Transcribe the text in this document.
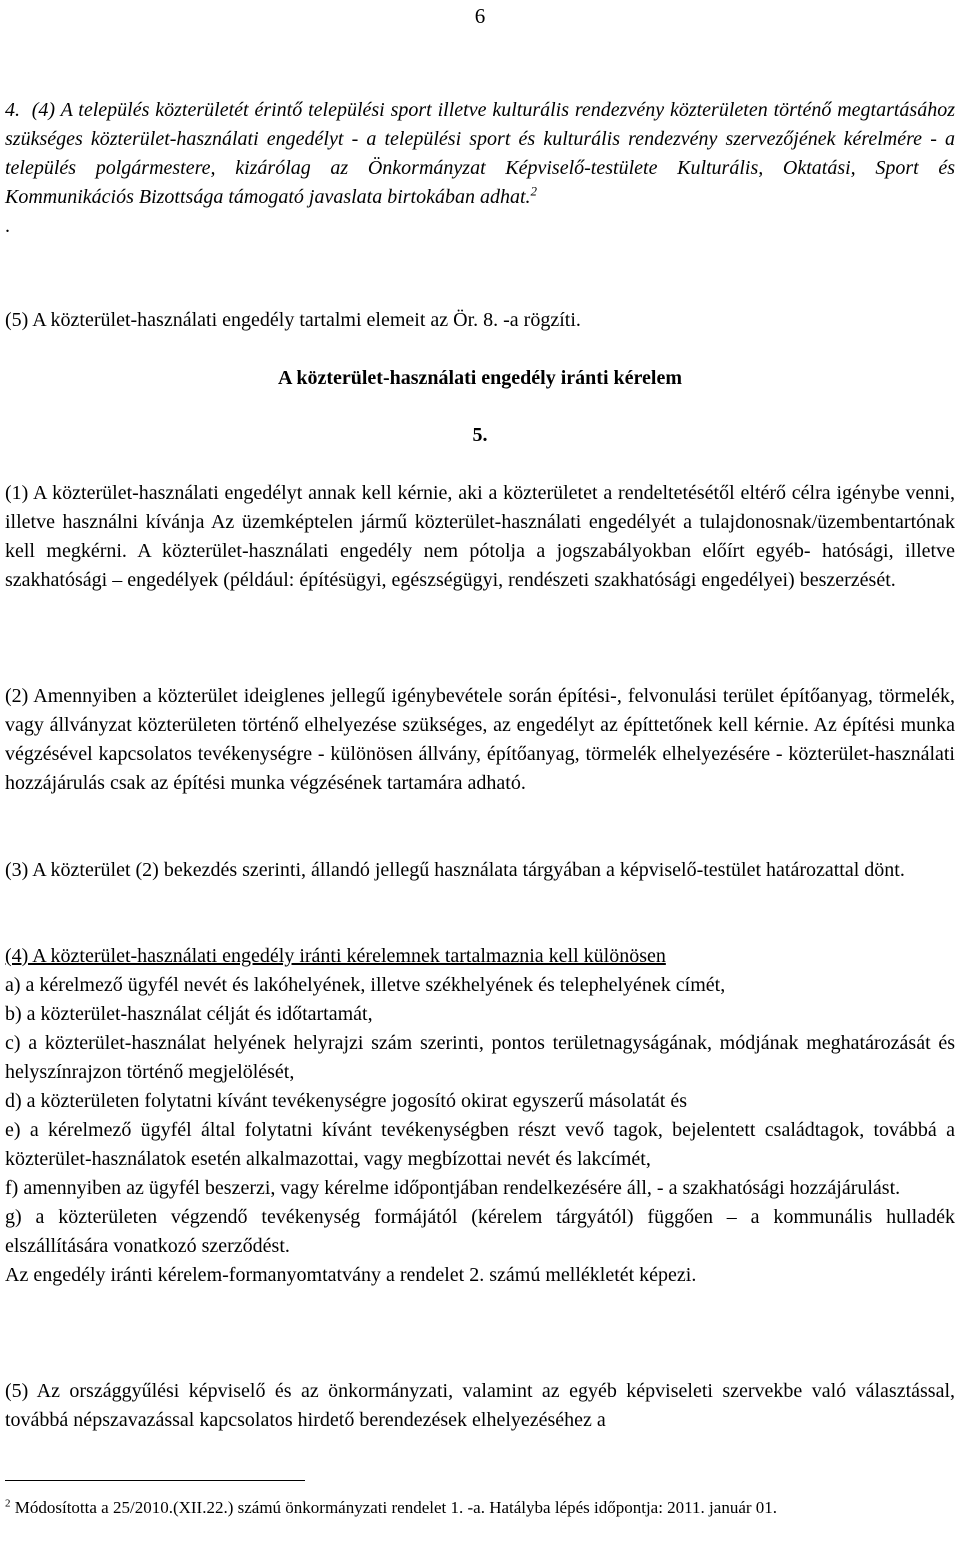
6

4. (4) A település közterületét érintő települési sport illetve kulturális rendezvény közterületen történő megtartásához szükséges közterület-használati engedélyt - a települési sport és kulturális rendezvény szervezőjének kérelmére - a település polgármestere, kizárólag az Önkormányzat Képviselő-testülete Kulturális, Oktatási, Sport és Kommunikációs Bizottsága támogató javaslata birtokában adhat.$^2$

.

(5) A közterület-használati engedély tartalmi elemeit az Ör. 8. -a rögzíti.
A közterület-használati engedély iránti kérelem
5.
(1) A közterület-használati engedélyt annak kell kérnie, aki a közterületet a rendeltetésétől eltérő célra igénybe venni, illetve használni kívánja Az üzemképtelen jármű közterület-használati engedélyét a tulajdonosnak/üzembentartónak kell megkérni. A közterület-használati engedély nem pótolja a jogszabályokban előírt egyéb- hatósági, illetve szakhatósági – engedélyek (például: építésügyi, egészségügyi, rendészeti szakhatósági engedélyei) beszerzését.
(2) Amennyiben a közterület ideiglenes jellegű igénybevétele során építési-, felvonulási terület építőanyag, törmelék, vagy állványzat közterületen történő elhelyezése szükséges, az engedélyt az építtetőnek kell kérnie. Az építési munka végzésével kapcsolatos tevékenységre - különösen állvány, építőanyag, törmelék elhelyezésére - közterület-használati hozzájárulás csak az építési munka végzésének tartamára adható.
(3) A közterület (2) bekezdés szerinti, állandó jellegű használata tárgyában a képviselő-testület határozattal dönt.

(4) A közterület-használati engedély iránti kérelemnek tartalmaznia kell különösen

a) a kérelmező ügyfél nevét és lakóhelyének, illetve székhelyének és telephelyének címét,

b) a közterület-használat célját és időtartamát,

c) a közterület-használat helyének helyrajzi szám szerinti, pontos területnagyságának, módjának meghatározását és helyszínrajzon történő megjelölését,

d) a közterületen folytatni kívánt tevékenységre jogosító okirat egyszerű másolatát és

e) a kérelmező ügyfél által folytatni kívánt tevékenységben részt vevő tagok, bejelentett családtagok, továbbá a közterület-használatok esetén alkalmazottai, vagy megbízottai nevét és lakcímét,

f) amennyiben az ügyfél beszerzi, vagy kérelme időpontjában rendelkezésére áll, - a szakhatósági hozzájárulást.

g) a közterületen végzendő tevékenység formájától (kérelem tárgyától) függően – a kommunális hulladék elszállítására vonatkozó szerződést.

Az engedély iránti kérelem-formanyomtatvány a rendelet 2. számú mellékletét képezi.

(5) Az országgyűlési képviselő és az önkormányzati, valamint az egyéb képviseleti szervekbe való választással, továbbá népszavazással kapcsolatos hirdető berendezések elhelyezéséhez a
$^2$ Módosította a 25/2010.(XII.22.) számú önkormányzati rendelet 1. -a. Hatályba lépés időpontja: 2011. január 01.
